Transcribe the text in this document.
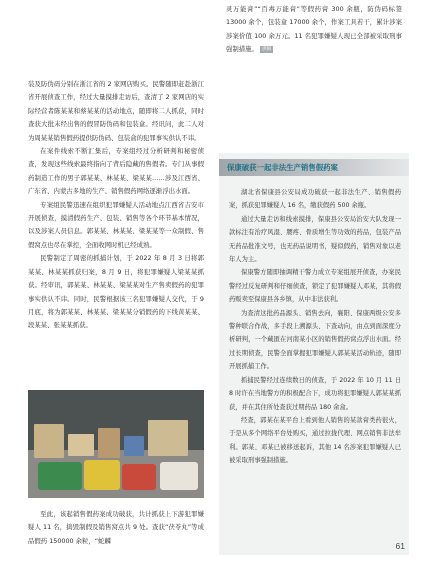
装及防伪码分别在浙江省的 2 家网店购买。民警随即赶赴浙江省开展侦查工作，经过大量摸排走访后，查清了 2 家网店的实际经营者陈某某和蔡某某的活动地点，随即将二人抓获，同时查获大批未经出售的假冒防伪码和包装盒。经讯问，此二人对为周某某销售假药提供防伪码、包装盒的犯罪事实供认不讳。

在案件线索不断汇集后，专案组经过分析研判和秘密侦查，发现这些线索最终指向了背后隐藏的售假者。专门从事假药制造工作的男子郭某某、林某某、梁某某……涉及江西省、广东省、内蒙古多地的生产、销售假药网络逐渐浮出水面。

专案组民警迅速在组织犯罪嫌疑人活动地点江西省吉安市开展侦查，摸清假药生产、包装、销售等各个环节基本情况，以及涉案人员信息。郭某某、林某某、梁某某等一众制假、售假窝点也尽在掌控，全面收网时机已经成熟。

民警制定了周密的抓捕计划，于 2022 年 8 月 3 日将郭某某、林某某抓获归案，8 月 9 日，将犯罪嫌疑人梁某某抓获。经审讯，郭某某、林某某、梁某某对生产售卖假药的犯罪事实供认不讳。同时，民警根据该三名犯罪嫌疑人交代，于 9 月底，将为郭某某、林某某、梁某某分销假药的下线黄某某、段某某、张某某抓获。

至此，该起销售假药案成功破获，共计抓获上下游犯罪嫌疑人 11 名，捣毁制假及销售窝点共 9 处。查获“茯苓丸”等成品假药 150000 余粒，“蛇麟

灵万能膏”“百毒万能膏”等假药膏 300 余瓶，防伪码标签 13000 余个，包装盒 17000 余个，作案工具若干，累计涉案涉案价值 100 余万元。11 名犯罪嫌疑人现已全部被采取刑事强制措施。 供稿

保康破获一起非法生产销售假药案

湖北省保康县公安局成功破获一起非法生产、销售假药案，抓获犯罪嫌疑人 16 名，缴获假药 500 余瓶。

通过大量走访和线索摸排，保康县公安局治安大队发现一款标注有治疗风湿、腰疼、骨质增生等功效的药品，包装产品无药品批准文号，也无药品说明书，疑似假药，销售对象以老年人为主。

保康警方随即抽调精干警力成立专案组展开侦查，办案民警经过反复研判和仔细侦查，锁定了犯罪嫌疑人邓某，其将假药贩卖至保康县各乡镇，从中非法获利。

为查清这批药品源头、销售去向，襄阳、保康两级公安多警种联合作战，多手段上溯源头、下查动向，由点到面深度分析研判，一个藏匿在河南某小区的销售假药窝点浮出水面。经过长期侦查，民警全面掌握犯罪嫌疑人郭某某活动轨迹，随即开展抓捕工作。

抓捕民警经过连续数日的侦查，于 2022 年 10 月 11 日 8 时许在当地警方的积极配合下，成功将犯罪嫌疑人郭某某抓获，并在其住所处查获过期药品 180 余盒。

经查，郭某在某平台上看到他人销售的某款膏类药很火，于是从多个网络平台处购买，通过拉拢代理、网点销售非法牟利。郭某、邓某已被移送起诉，其他 14 名涉案犯罪嫌疑人已被采取刑事强制措施。

61
